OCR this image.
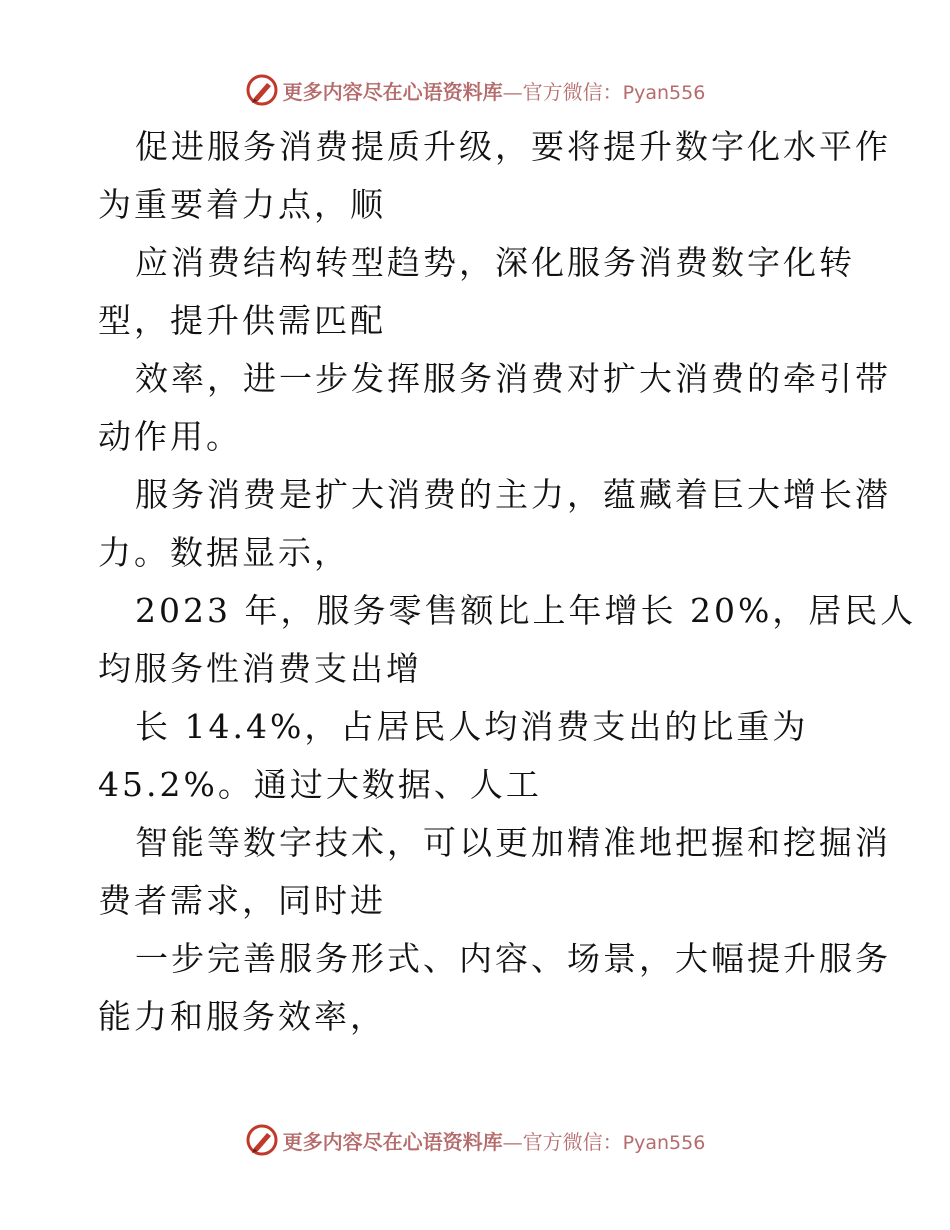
更多内容尽在心语资料库—官方微信：Pyan556
促进服务消费提质升级，要将提升数字化水平作
为重要着力点，顺
应消费结构转型趋势，深化服务消费数字化转
型，提升供需匹配
效率，进一步发挥服务消费对扩大消费的牵引带
动作用。
服务消费是扩大消费的主力，蕴藏着巨大增长潜
力。数据显示，
2023 年，服务零售额比上年增长 20%，居民人
均服务性消费支出增
长 14.4%，占居民人均消费支出的比重为
45.2%。通过大数据、人工
智能等数字技术，可以更加精准地把握和挖掘消
费者需求，同时进
一步完善服务形式、内容、场景，大幅提升服务
能力和服务效率，
更多内容尽在心语资料库—官方微信：Pyan556
